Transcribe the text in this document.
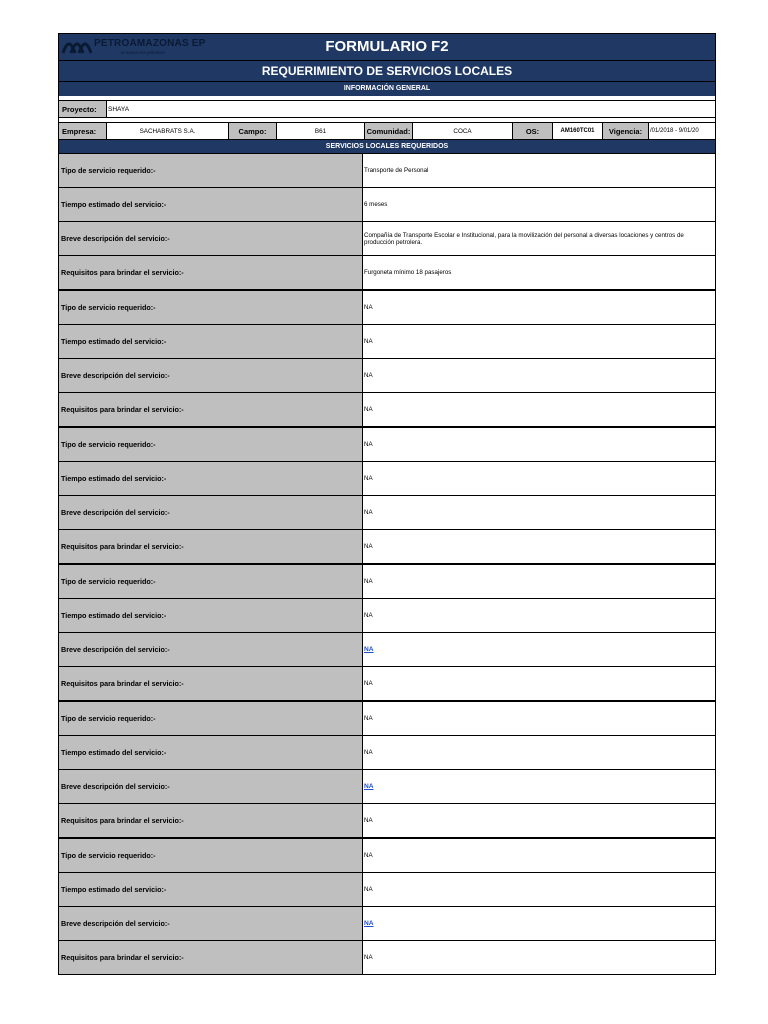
PETROAMAZONAS EP
la nueva era petrolera	FORMULARIO F2
REQUERIMIENTO DE SERVICIOS LOCALES
INFORMACIÓN GENERAL
Proyecto:	SHAYA
Empresa:	SACHABRATS S.A.	Campo:	B61	Comunidad:	COCA	OS:	AM160TC01	Vigencia:	/01/2018 - 9/01/20
SERVICIOS LOCALES REQUERIDOS
Tipo de servicio requerido:-	Transporte de Personal
Tiempo estimado del servicio:-	6 meses
Breve descripción del servicio:-	Compañía de Transporte Escolar e Institucional, para la movilización del personal a diversas locaciones y centros de producción petrolera.
Requisitos para brindar el servicio:-	Furgoneta mínimo 18 pasajeros
Tipo de servicio requerido:-	NA
Tiempo estimado del servicio:-	NA
Breve descripción del servicio:-	NA
Requisitos para brindar el servicio:-	NA
Tipo de servicio requerido:-	NA
Tiempo estimado del servicio:-	NA
Breve descripción del servicio:-	NA
Requisitos para brindar el servicio:-	NA
Tipo de servicio requerido:-	NA
Tiempo estimado del servicio:-	NA
Breve descripción del servicio:-	NA
Requisitos para brindar el servicio:-	NA
Tipo de servicio requerido:-	NA
Tiempo estimado del servicio:-	NA
Breve descripción del servicio:-	NA
Requisitos para brindar el servicio:-	NA
Tipo de servicio requerido:-	NA
Tiempo estimado del servicio:-	NA
Breve descripción del servicio:-	NA
Requisitos para brindar el servicio:-	NA
